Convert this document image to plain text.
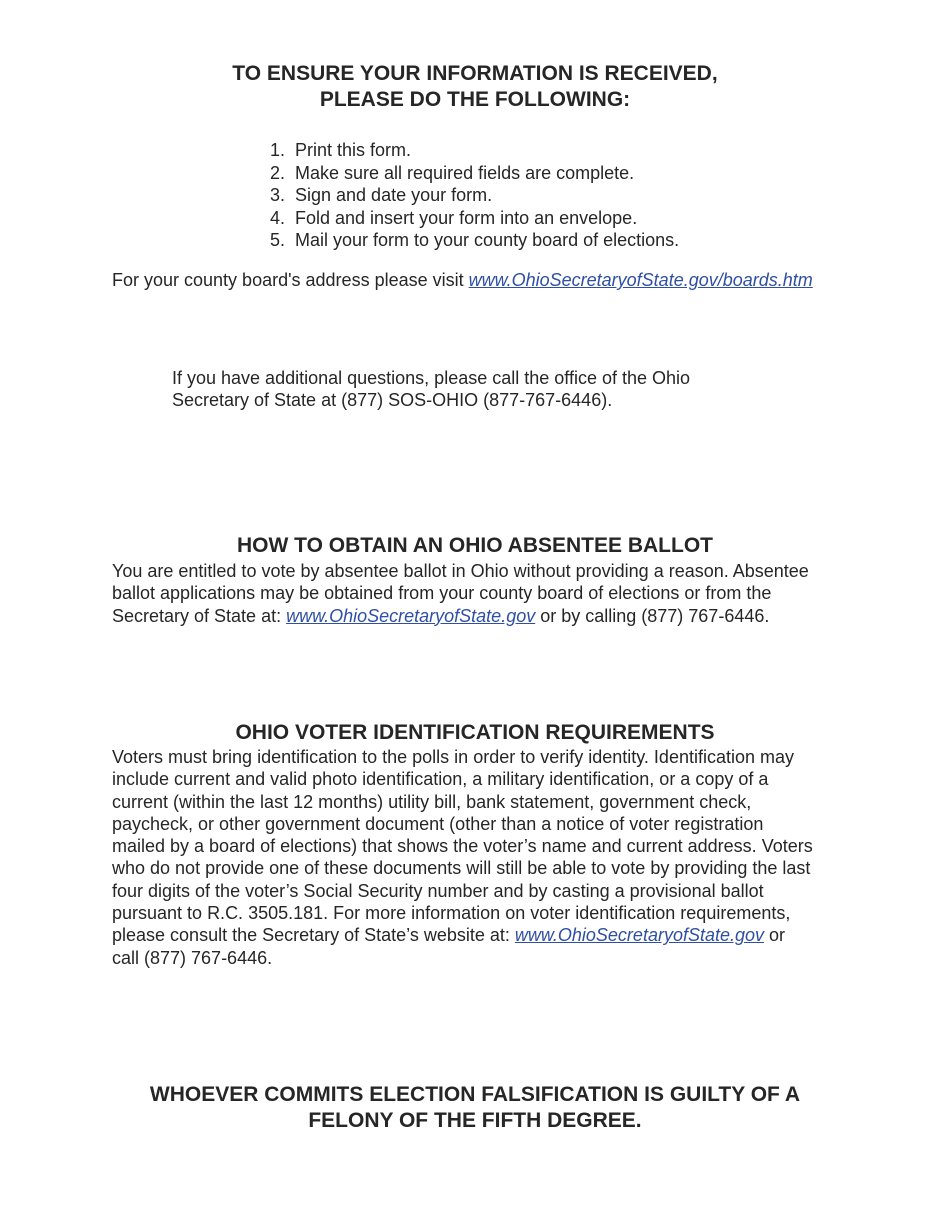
TO ENSURE YOUR INFORMATION IS RECEIVED,
PLEASE DO THE FOLLOWING:
1. Print this form.
2. Make sure all required fields are complete.
3. Sign and date your form.
4. Fold and insert your form into an envelope.
5. Mail your form to your county board of elections.

For your county board's address please visit www.OhioSecretaryofState.gov/boards.htm

If you have additional questions, please call the office of the Ohio
Secretary of State at (877) SOS-OHIO (877-767-6446).

HOW TO OBTAIN AN OHIO ABSENTEE BALLOT

You are entitled to vote by absentee ballot in Ohio without providing a reason. Absentee
ballot applications may be obtained from your county board of elections or from the
Secretary of State at: www.OhioSecretaryofState.gov or by calling (877) 767-6446.

OHIO VOTER IDENTIFICATION REQUIREMENTS

Voters must bring identification to the polls in order to verify identity. Identification may
include current and valid photo identification, a military identification, or a copy of a
current (within the last 12 months) utility bill, bank statement, government check,
paycheck, or other government document (other than a notice of voter registration
mailed by a board of elections) that shows the voter’s name and current address. Voters
who do not provide one of these documents will still be able to vote by providing the last
four digits of the voter’s Social Security number and by casting a provisional ballot
pursuant to R.C. 3505.181. For more information on voter identification requirements,
please consult the Secretary of State’s website at: www.OhioSecretaryofState.gov or
call (877) 767-6446.

WHOEVER COMMITS ELECTION FALSIFICATION IS GUILTY OF A
FELONY OF THE FIFTH DEGREE.
